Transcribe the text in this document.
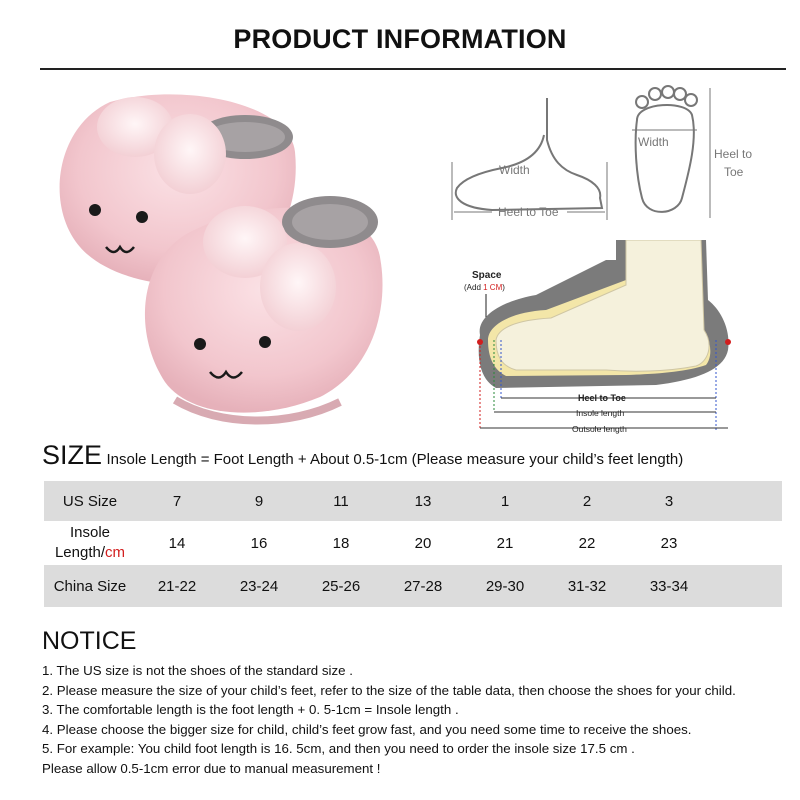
PRODUCT INFORMATION
Width
Heel to Toe
Width
Heel to Toe
Space
(Add 1 CM)
Heel to Toe
Insole length
Outsole length
SIZE Insole Length = Foot Length + About 0.5-1cm (Please measure your child’s feet length)
US Size	7	9	11	13	1	2	3	
Insole
Length/cm	14	16	18	20	21	22	23	
China Size	21-22	23-24	25-26	27-28	29-30	31-32	33-34	
NOTICE
1. The US size is not the shoes of the standard size .
2. Please measure the size of your child’s feet, refer to the size of the table data, then choose the shoes for your child.
3. The comfortable length is the foot length + 0. 5-1cm = Insole length .
4. Please choose the bigger size for child, child’s feet grow fast, and you need some time to receive the shoes.
5. For example: You child foot length is 16. 5cm, and then you need to order the insole size 17.5 cm .
Please allow 0.5-1cm error due to manual measurement !
